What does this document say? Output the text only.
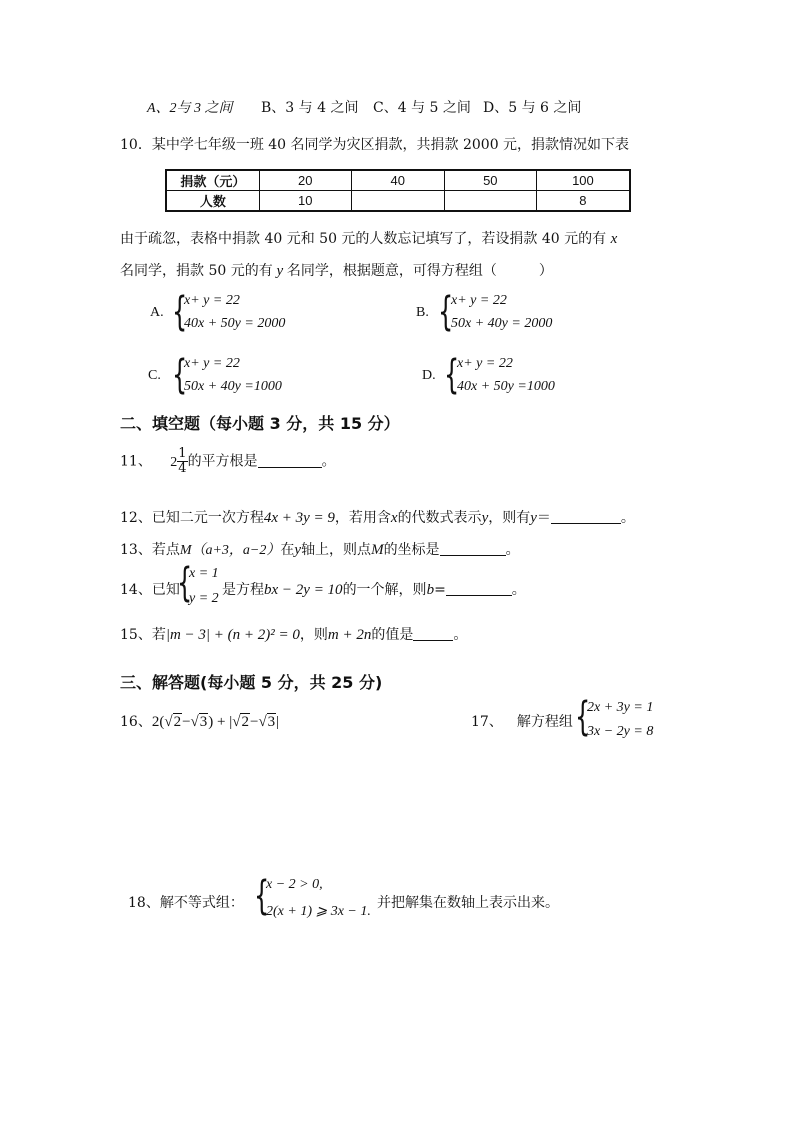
A、2与 3 之间 B、3 与 4 之间 C、4 与 5 之间 D、5 与 6 之间
10．某中学七年级一班 40 名同学为灾区捐款，共捐款 2000 元，捐款情况如下表
捐款（元）	20	40	50	100
人数	10			8
由于疏忽，表格中捐款 40 元和 50 元的人数忘记填写了，若设捐款 40 元的有 x
名同学，捐款 50 元的有 y 名同学，根据题意，可得方程组（　　　）
A. {
x+ y = 22
40x + 50y = 2000
B. {
x+ y = 22
50x + 40y = 2000
C. {
x+ y = 22
50x + 40y =1000
D. {
x+ y = 22
40x + 50y =1000
二、填空题（每小题 3 分，共 15 分）
11、 $2 \frac{1}{4}$ 的平方根是	。
12、已知二元一次方程4x + 3y = 9，若用含x的代数式表示y，则有y＝	。
13、若点M（a+3，a−2）在y轴上，则点M的坐标是	。
14、已知
{
x = 1
y = 2
是方程bx − 2y = 10的一个解，则b=	。
15、若|m − 3| + (n + 2)² = 0，则m + 2n的值是	。
三、解答题(每小题 5 分，共 25 分)
16、2(√2−√3) + |√2−√3|	17、 解方程组 {
2x + 3y = 1
3x − 2y = 8
18、解不等式组： {
x − 2 > 0,
2(x + 1) ⩾ 3x − 1.
并把解集在数轴上表示出来。
